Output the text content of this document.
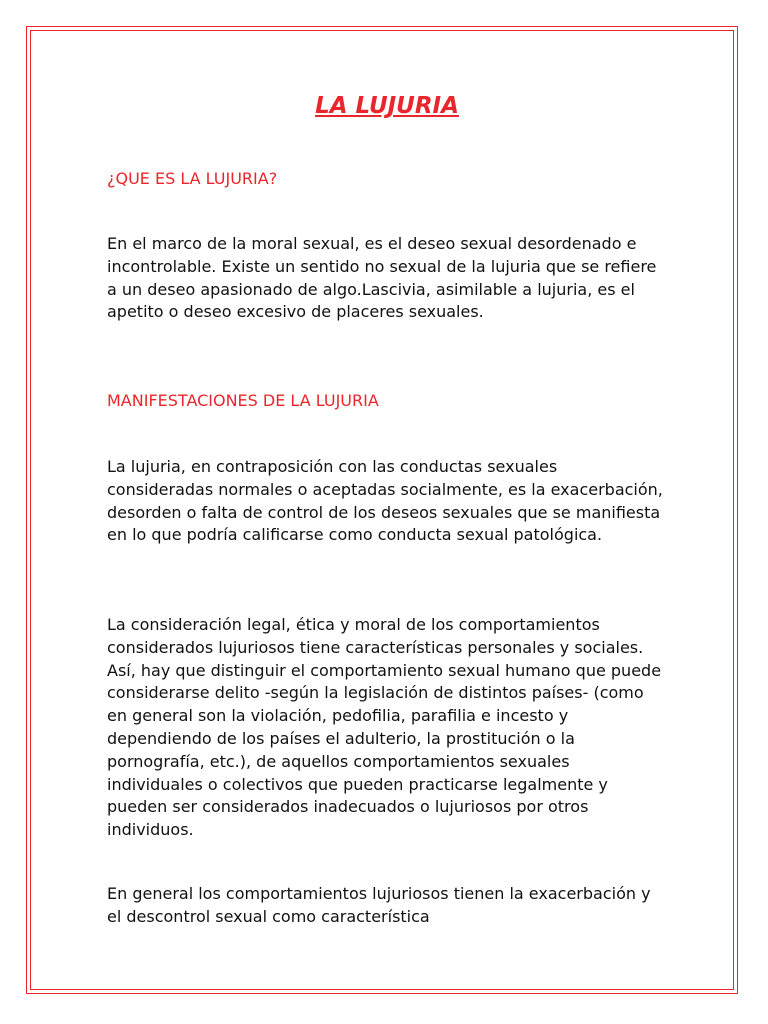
LA LUJURIA

¿QUE ES LA LUJURIA?

En el marco de la moral sexual, es el deseo sexual desordenado e incontrolable. Existe un sentido no sexual de la lujuria que se refiere a un deseo apasionado de algo.Lascivia, asimilable a lujuria, es el apetito o deseo excesivo de placeres sexuales.

MANIFESTACIONES DE LA LUJURIA

La lujuria, en contraposición con las conductas sexuales consideradas normales o aceptadas socialmente, es la exacerbación, desorden o falta de control de los deseos sexuales que se manifiesta en lo que podría calificarse como conducta sexual patológica.

La consideración legal, ética y moral de los comportamientos considerados lujuriosos tiene características personales y sociales. Así, hay que distinguir el comportamiento sexual humano que puede considerarse delito -según la legislación de distintos países- (como en general son la violación, pedofilia, parafilia e incesto y dependiendo de los países el adulterio, la prostitución o la pornografía, etc.), de aquellos comportamientos sexuales individuales o colectivos que pueden practicarse legalmente y pueden ser considerados inadecuados o lujuriosos por otros individuos.

En general los comportamientos lujuriosos tienen la exacerbación y el descontrol sexual como característica
